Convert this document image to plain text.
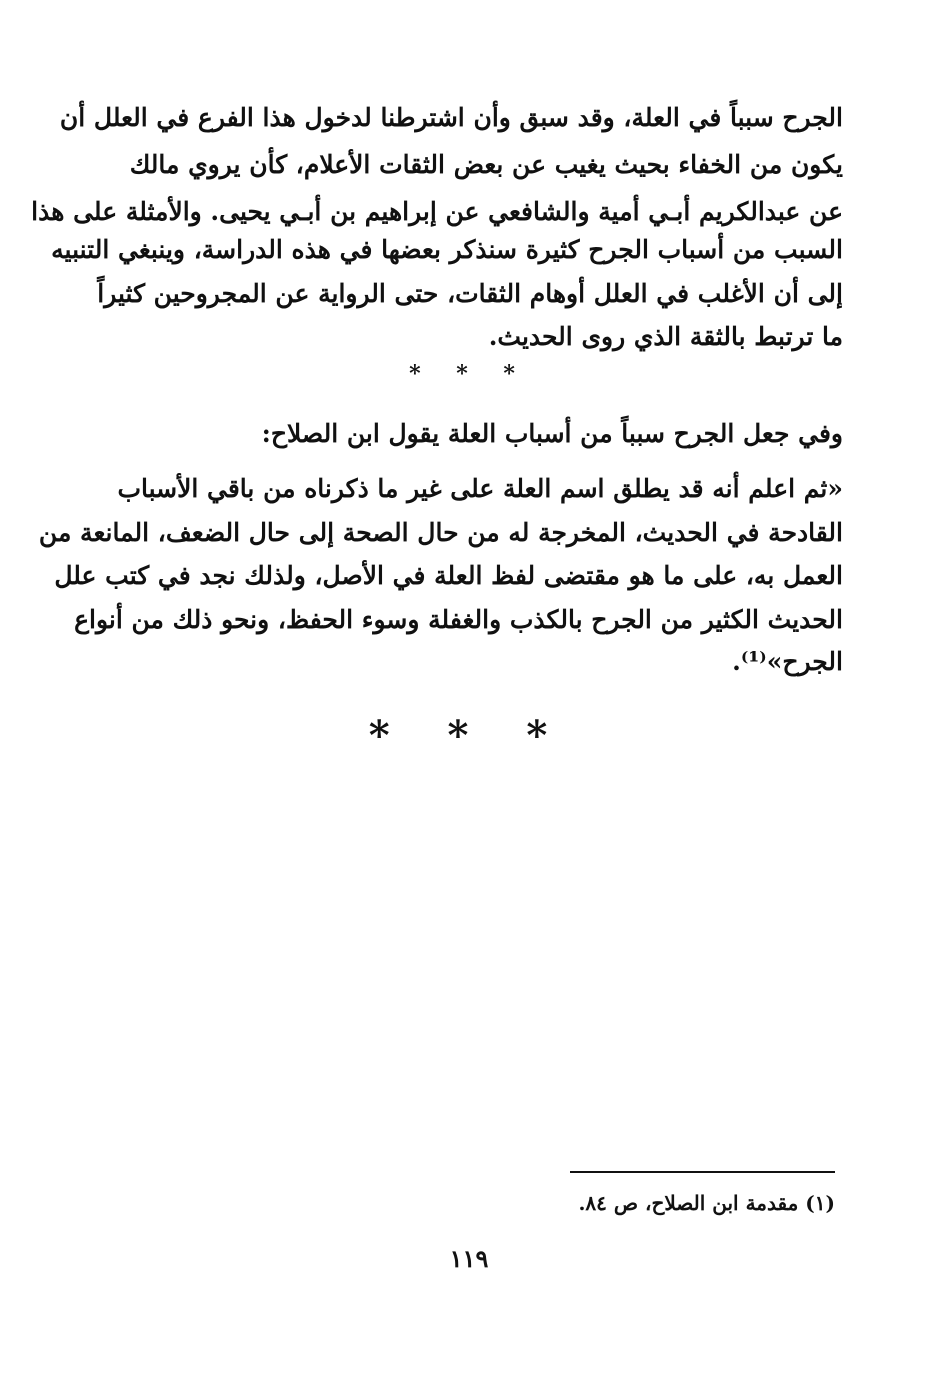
الجرح سبباً في العلة، وقد سبق وأن اشترطنا لدخول هذا الفرع في العلل أن
يكون من الخفاء بحيث يغيب عن بعض الثقات الأعلام، كأن يروي مالك
عن عبدالكريم أبـي أمية والشافعي عن إبراهيم بن أبـي يحيى. والأمثلة على هذا
السبب من أسباب الجرح كثيرة سنذكر بعضها في هذه الدراسة، وينبغي التنبيه
إلى أن الأغلب في العلل أوهام الثقات، حتى الرواية عن المجروحين كثيراً
ما ترتبط بالثقة الذي روى الحديث.
* * *
وفي جعل الجرح سبباً من أسباب العلة يقول ابن الصلاح:
«ثم اعلم أنه قد يطلق اسم العلة على غير ما ذكرناه من باقي الأسباب
القادحة في الحديث، المخرجة له من حال الصحة إلى حال الضعف، المانعة من
العمل به، على ما هو مقتضى لفظ العلة في الأصل، ولذلك نجد في كتب علل
الحديث الكثير من الجرح بالكذب والغفلة وسوء الحفظ، ونحو ذلك من أنواع
الجرح»⁽¹⁾.
* * *
(١) مقدمة ابن الصلاح، ص ٨٤.
١١٩
